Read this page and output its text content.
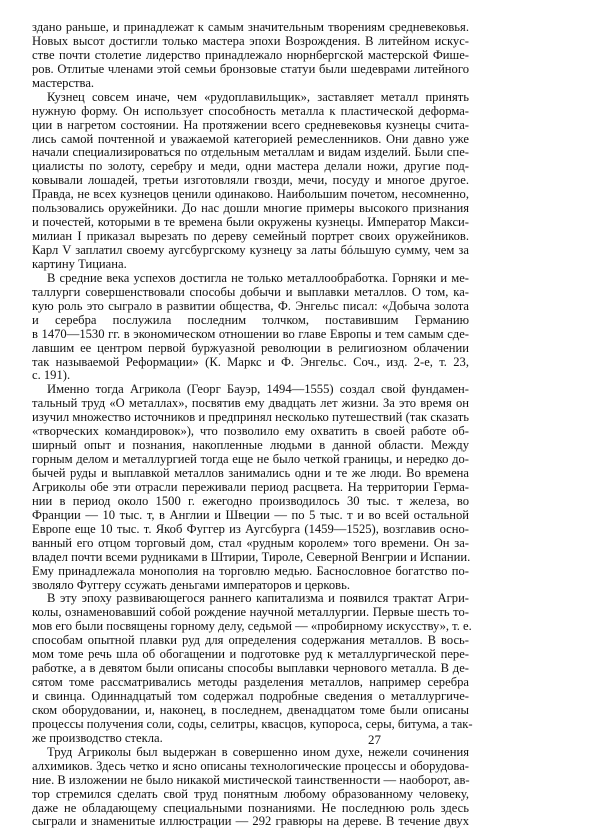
здано раньше, и принадлежат к самым значительным творениям средневековья.
Новых высот достигли только мастера эпохи Возрождения. В литейном искус-
стве почти столетие лидерство принадлежало нюрнбергской мастерской Фише-
ров. Отлитые членами этой семьи бронзовые статуи были шедеврами литейного
мастерства.
Кузнец совсем иначе, чем «рудоплавильщик», заставляет металл принять
нужную форму. Он использует способность металла к пластической деформа-
ции в нагретом состоянии. На протяжении всего средневековья кузнецы счита-
лись самой почтенной и уважаемой категорией ремесленников. Они давно уже
начали специализироваться по отдельным металлам и видам изделий. Были спе-
циалисты по золоту, серебру и меди, одни мастера делали ножи, другие под-
ковывали лошадей, третьи изготовляли гвозди, мечи, посуду и многое другое.
Правда, не всех кузнецов ценили одинаково. Наибольшим почетом, несомненно,
пользовались оружейники. До нас дошли многие примеры высокого признания
и почестей, которыми в те времена были окружены кузнецы. Император Макси-
милиан I приказал вырезать по дереву семейный портрет своих оружейников.
Карл V заплатил своему аугсбургскому кузнецу за латы бóльшую сумму, чем за
картину Тициана.
В средние века успехов достигла не только металлообработка. Горняки и ме-
таллурги совершенствовали способы добычи и выплавки металлов. О том, ка-
кую роль это сыграло в развитии общества, Ф. Энгельс писал: «Добыча золота
и серебра послужила последним толчком, поставившим Германию
в 1470—1530 гг. в экономическом отношении во главе Европы и тем самым сде-
лавшим ее центром первой буржуазной революции в религиозном облачении
так называемой Реформации» (К. Маркс и Ф. Энгельс. Соч., изд. 2-е, т. 23,
с. 191).
Именно тогда Агрикола (Георг Бауэр, 1494—1555) создал свой фундамен-
тальный труд «О металлах», посвятив ему двадцать лет жизни. За это время он
изучил множество источников и предпринял несколько путешествий (так сказать
«творческих командировок»), что позволило ему охватить в своей работе об-
ширный опыт и познания, накопленные людьми в данной области. Между
горным делом и металлургией тогда еще не было четкой границы, и нередко до-
бычей руды и выплавкой металлов занимались одни и те же люди. Во времена
Агриколы обе эти отрасли переживали период расцвета. На территории Герма-
нии в период около 1500 г. ежегодно производилось 30 тыс. т железа, во
Франции — 10 тыс. т, в Англии и Швеции — по 5 тыс. т и во всей остальной
Европе еще 10 тыс. т. Якоб Фуггер из Аугсбурга (1459—1525), возглавив осно-
ванный его отцом торговый дом, стал «рудным королем» того времени. Он за-
владел почти всеми рудниками в Штирии, Тироле, Северной Венгрии и Испании.
Ему принадлежала монополия на торговлю медью. Баснословное богатство по-
зволяло Фуггеру ссужать деньгами императоров и церковь.
В эту эпоху развивающегося раннего капитализма и появился трактат Агри-
колы, ознаменовавший собой рождение научной металлургии. Первые шесть то-
мов его были посвящены горному делу, седьмой — «пробирному искусству», т. е.
способам опытной плавки руд для определения содержания металлов. В вось-
мом томе речь шла об обогащении и подготовке руд к металлургической пере-
работке, а в девятом были описаны способы выплавки чернового металла. В де-
сятом томе рассматривались методы разделения металлов, например серебра
и свинца. Одиннадцатый том содержал подробные сведения о металлургиче-
ском оборудовании, и, наконец, в последнем, двенадцатом томе были описаны
процессы получения соли, соды, селитры, квасцов, купороса, серы, битума, а так-
же производство стекла.
Труд Агриколы был выдержан в совершенно ином духе, нежели сочинения
алхимиков. Здесь четко и ясно описаны технологические процессы и оборудова-
ние. В изложении не было никакой мистической таинственности — наоборот, ав-
тор стремился сделать свой труд понятным любому образованному человеку,
даже не обладающему специальными познаниями. Не последнюю роль здесь
сыграли и знаменитые иллюстрации — 292 гравюры на дереве. В течение двух
27
